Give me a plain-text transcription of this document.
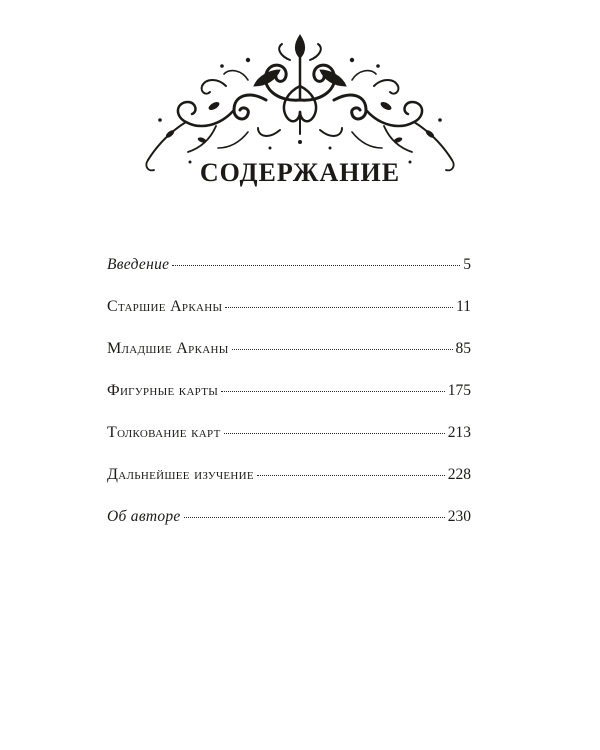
СОДЕРЖАНИЕ
Введение	5
Старшие Арканы	11
Младшие Арканы	85
Фигурные карты	175
Толкование карт	213
Дальнейшее изучение	228
Об авторе	230
